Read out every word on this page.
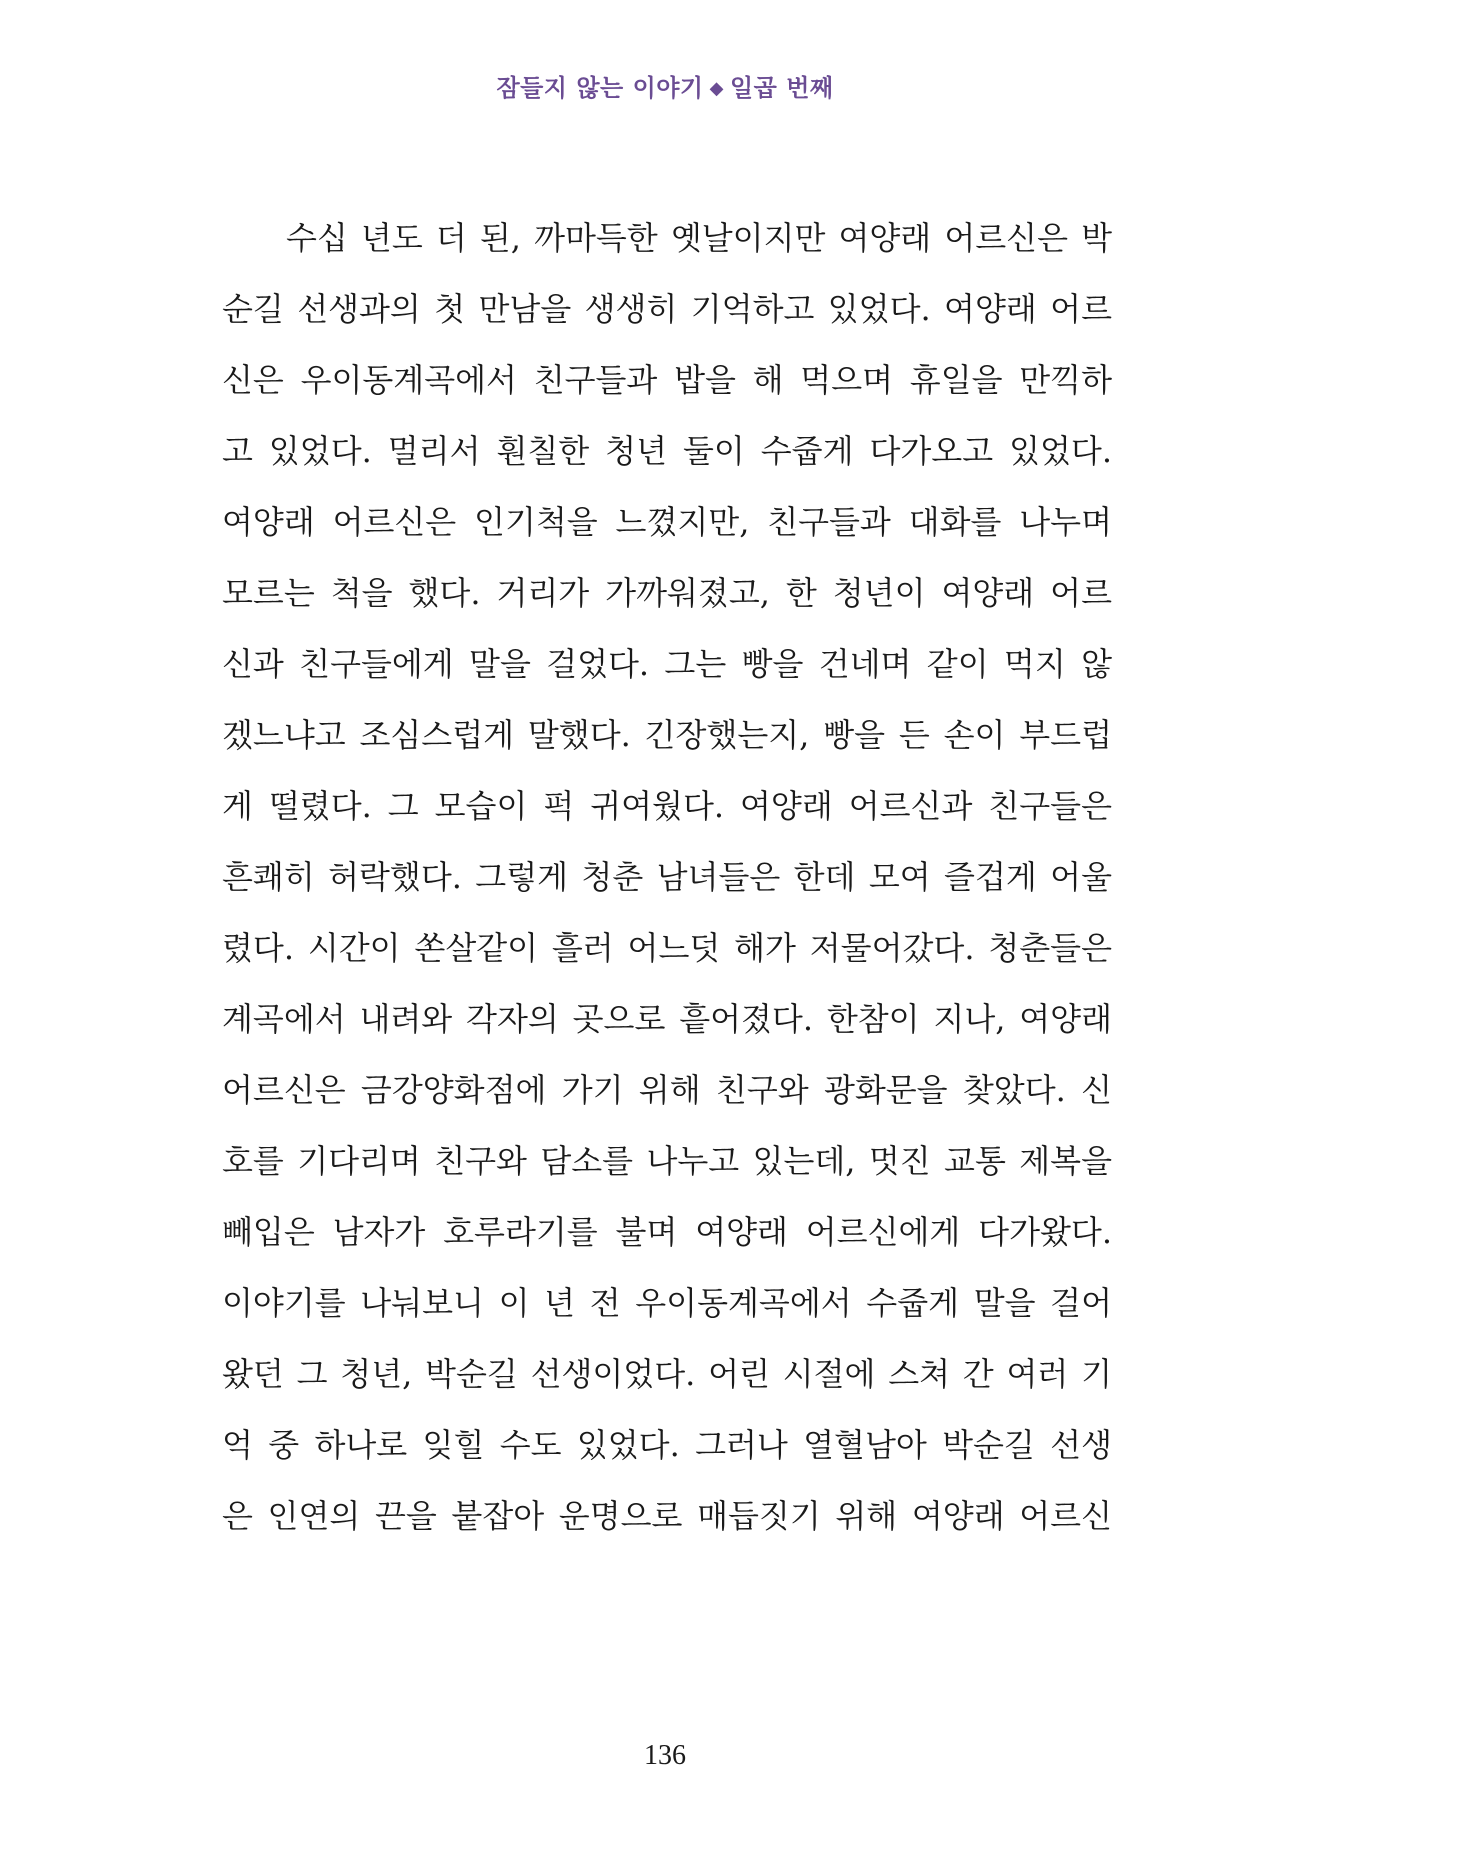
잠들지 않는 이야기 ◆ 일곱 번째
수십 년도 더 된, 까마득한 옛날이지만 여양래 어르신은 박
순길 선생과의 첫 만남을 생생히 기억하고 있었다. 여양래 어르
신은 우이동계곡에서 친구들과 밥을 해 먹으며 휴일을 만끽하
고 있었다. 멀리서 훤칠한 청년 둘이 수줍게 다가오고 있었다.
여양래 어르신은 인기척을 느꼈지만, 친구들과 대화를 나누며
모르는 척을 했다. 거리가 가까워졌고, 한 청년이 여양래 어르
신과 친구들에게 말을 걸었다. 그는 빵을 건네며 같이 먹지 않
겠느냐고 조심스럽게 말했다. 긴장했는지, 빵을 든 손이 부드럽
게 떨렸다. 그 모습이 퍽 귀여웠다. 여양래 어르신과 친구들은
흔쾌히 허락했다. 그렇게 청춘 남녀들은 한데 모여 즐겁게 어울
렸다. 시간이 쏜살같이 흘러 어느덧 해가 저물어갔다. 청춘들은
계곡에서 내려와 각자의 곳으로 흩어졌다. 한참이 지나, 여양래
어르신은 금강양화점에 가기 위해 친구와 광화문을 찾았다. 신
호를 기다리며 친구와 담소를 나누고 있는데, 멋진 교통 제복을
빼입은 남자가 호루라기를 불며 여양래 어르신에게 다가왔다.
이야기를 나눠보니 이 년 전 우이동계곡에서 수줍게 말을 걸어
왔던 그 청년, 박순길 선생이었다. 어린 시절에 스쳐 간 여러 기
억 중 하나로 잊힐 수도 있었다. 그러나 열혈남아 박순길 선생
은 인연의 끈을 붙잡아 운명으로 매듭짓기 위해 여양래 어르신
136
